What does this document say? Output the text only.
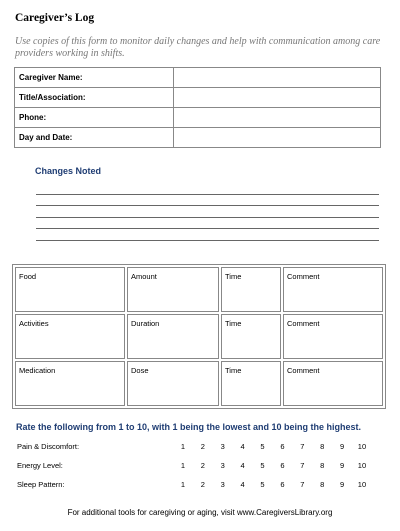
Caregiver’s Log
Use copies of this form to monitor daily changes and help with communication among care providers working in shifts.
Caregiver Name:	
Title/Association:	
Phone:	
Day and Date:	
Changes Noted
Food	Amount	Time	Comment
Activities	Duration	Time	Comment
Medication	Dose	Time	Comment
Rate the following from 1 to 10, with 1 being the lowest and 10 being the highest.
Pain & Discomfort:	1	2	3	4	5	6	7	8	9	10
Energy Level:	1	2	3	4	5	6	7	8	9	10
Sleep Pattern:	1	2	3	4	5	6	7	8	9	10
For additional tools for caregiving or aging, visit www.CaregiversLibrary.org
